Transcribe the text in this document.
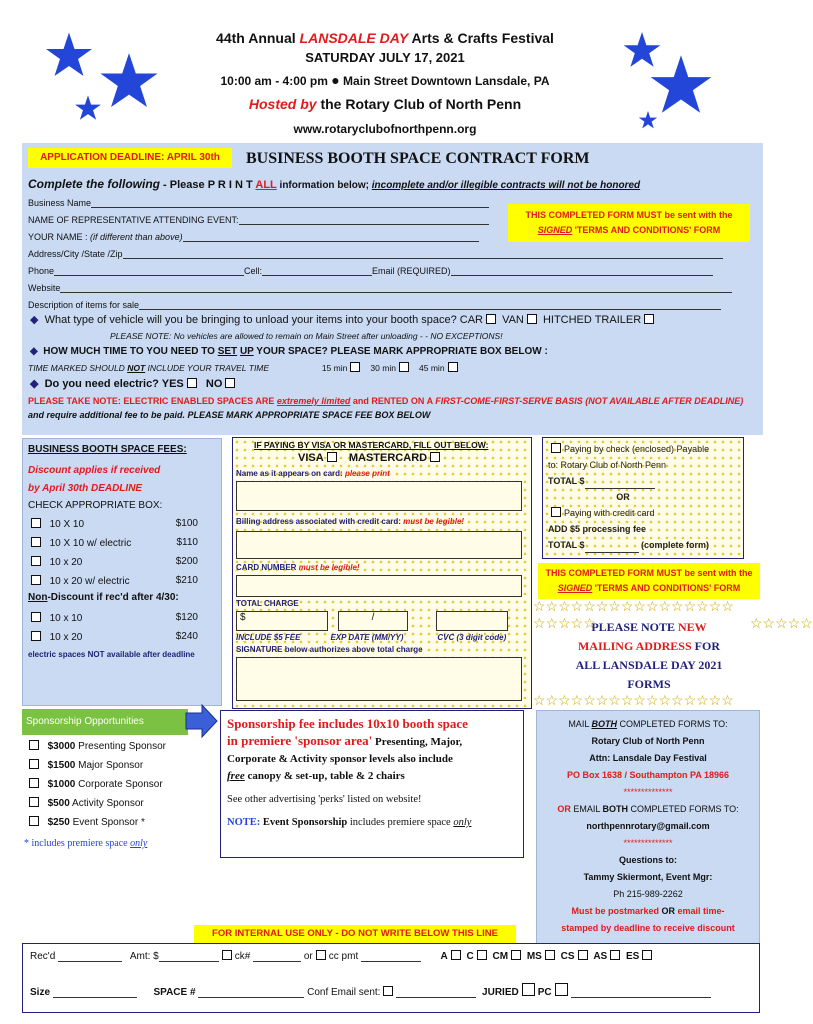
44th Annual LANSDALE DAY Arts & Crafts Festival
SATURDAY JULY 17, 2021
10:00 am - 4:00 pm ● Main Street Downtown Lansdale, PA
Hosted by the Rotary Club of North Penn
www.rotaryclubofnorthpenn.org
APPLICATION DEADLINE: APRIL 30th	BUSINESS BOOTH SPACE CONTRACT FORM
Complete the following - Please P R I N T ALL information below; incomplete and/or illegible contracts will not be honored
Business Name
NAME OF REPRESENTATIVE ATTENDING EVENT:
YOUR NAME : (if different than above)
Address/City /State /Zip
Phone	Cell:	Email (REQUIRED)
Website
Description of items for sale
THIS COMPLETED FORM MUST be sent with the SIGNED 'TERMS AND CONDITIONS' FORM
◆ What type of vehicle will you be bringing to unload your items into your booth space? CAR VAN HITCHED TRAILER
PLEASE NOTE: No vehicles are allowed to remain on Main Street after unloading - - NO EXCEPTIONS!
◆ HOW MUCH TIME TO YOU NEED TO SET UP YOUR SPACE? PLEASE MARK APPROPRIATE BOX BELOW :
TIME MARKED SHOULD NOT INCLUDE YOUR TRAVEL TIME	15 min	30 min	45 min
◆ Do you need electric? YES NO
PLEASE TAKE NOTE: ELECTRIC ENABLED SPACES ARE extremely limited and RENTED ON A FIRST-COME-FIRST-SERVE BASIS (NOT AVAILABLE AFTER DEADLINE) and require additional fee to be paid. PLEASE MARK APPROPRIATE SPACE FEE BOX BELOW
BUSINESS BOOTH SPACE FEES:
Discount applies if received
by April 30th DEADLINE
CHECK APPROPRIATE BOX:
10 X 10	$100
10 X 10 w/ electric	$110
10 x 20	$200
10 x 20 w/ electric	$210
Non-Discount if rec'd after 4/30:
10 x 10	$120
10 x 20	$240
electric spaces NOT available after deadline
IF PAYING BY VISA OR MASTERCARD, FILL OUT BELOW:
VISA MASTERCARD
Name as it appears on card: please print
Billing address associated with credit card: must be legible!
CARD NUMBER must be legible!
TOTAL CHARGE
$	/
INCLUDE $5 FEE	EXP DATE (MM/YY)	CVC (3 digit code)
SIGNATURE below authorizes above total charge
Paying by check (enclosed) Payable
to: Rotary Club of North Penn
TOTAL $
OR
Paying with credit card
ADD $5 processing fee
TOTAL $	(complete form)
THIS COMPLETED FORM MUST be sent with the SIGNED 'TERMS AND CONDITIONS' FORM
☆☆☆☆☆☆☆☆☆☆☆☆☆☆☆☆
☆☆☆☆☆☆☆☆☆☆☆☆☆☆☆☆
☆☆☆☆☆	☆☆☆☆☆
PLEASE NOTE NEW
MAILING ADDRESS FOR
ALL LANSDALE DAY 2021
FORMS
Sponsorship Opportunities
$3000 Presenting Sponsor
$1500 Major Sponsor
$1000 Corporate Sponsor
$500 Activity Sponsor
$250 Event Sponsor *
* includes premiere space only
Sponsorship fee includes 10x10 booth space
in premiere 'sponsor area' Presenting, Major,
Corporate & Activity sponsor levels also include
free canopy & set-up, table & 2 chairs
See other advertising 'perks' listed on website!
NOTE: Event Sponsorship includes premiere space only
MAIL BOTH COMPLETED FORMS TO:
Rotary Club of North Penn
Attn: Lansdale Day Festival
PO Box 1638 / Southampton PA 18966
**************
OR EMAIL BOTH COMPLETED FORMS TO:
northpennrotary@gmail.com
**************
Questions to:
Tammy Skiermont, Event Mgr:
Ph 215-989-2262
Must be postmarked OR email time-
stamped by deadline to receive discount
FOR INTERNAL USE ONLY - DO NOT WRITE BELOW THIS LINE
Rec'd	Amt: $	ck#	or cc pmt	A C CM MS CS AS ES
Size	SPACE #	Conf Email sent:	JURIED PC
